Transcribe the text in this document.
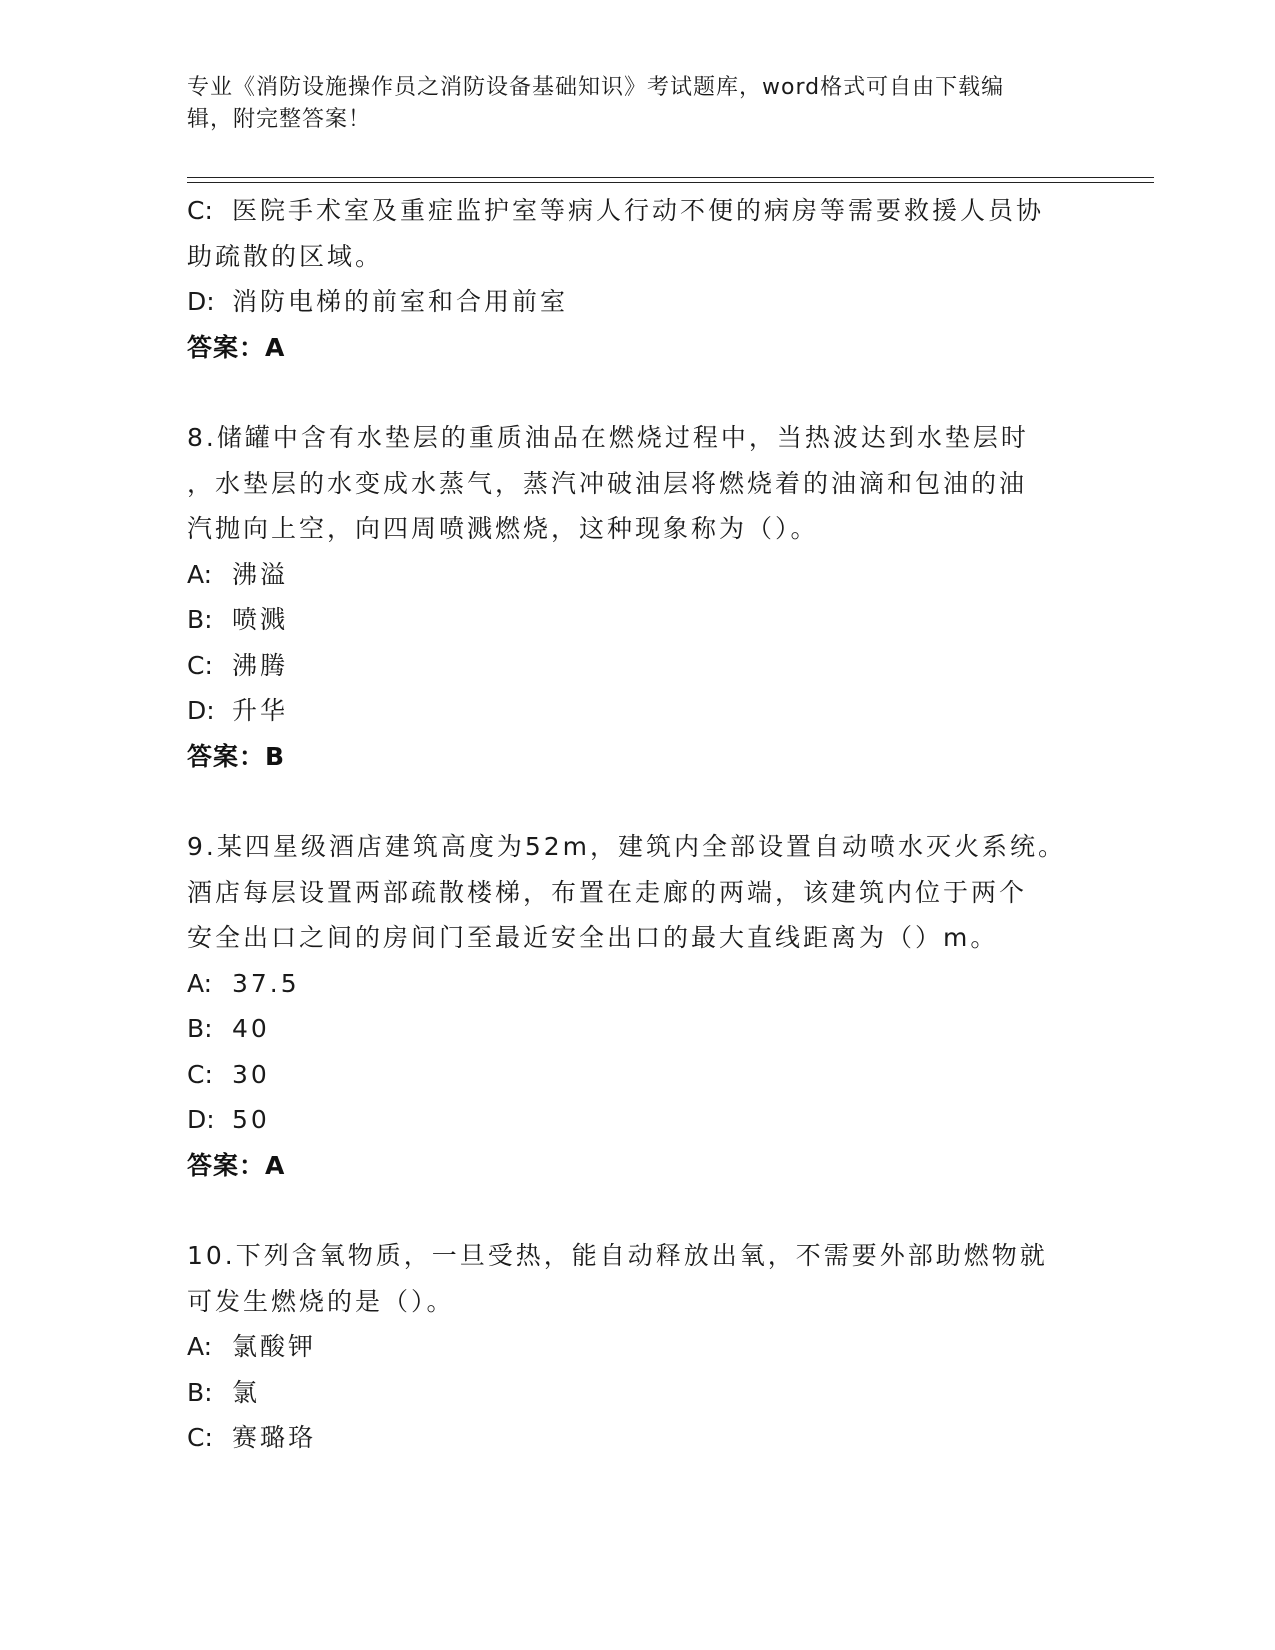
专业《消防设施操作员之消防设备基础知识》考试题库，word格式可自由下载编
辑，附完整答案！
C: 医院手术室及重症监护室等病人行动不便的病房等需要救援人员协
助疏散的区域。
D: 消防电梯的前室和合用前室
答案：A
8.储罐中含有水垫层的重质油品在燃烧过程中，当热波达到水垫层时
，水垫层的水变成水蒸气，蒸汽冲破油层将燃烧着的油滴和包油的油
汽抛向上空，向四周喷溅燃烧，这种现象称为（）。
A: 沸溢
B: 喷溅
C: 沸腾
D: 升华
答案：B
9.某四星级酒店建筑高度为52m，建筑内全部设置自动喷水灭火系统。
酒店每层设置两部疏散楼梯，布置在走廊的两端，该建筑内位于两个
安全出口之间的房间门至最近安全出口的最大直线距离为（）m。
A: 37.5
B: 40
C: 30
D: 50
答案：A
10.下列含氧物质，一旦受热，能自动释放出氧，不需要外部助燃物就
可发生燃烧的是（）。
A: 氯酸钾
B: 氯
C: 赛璐珞
